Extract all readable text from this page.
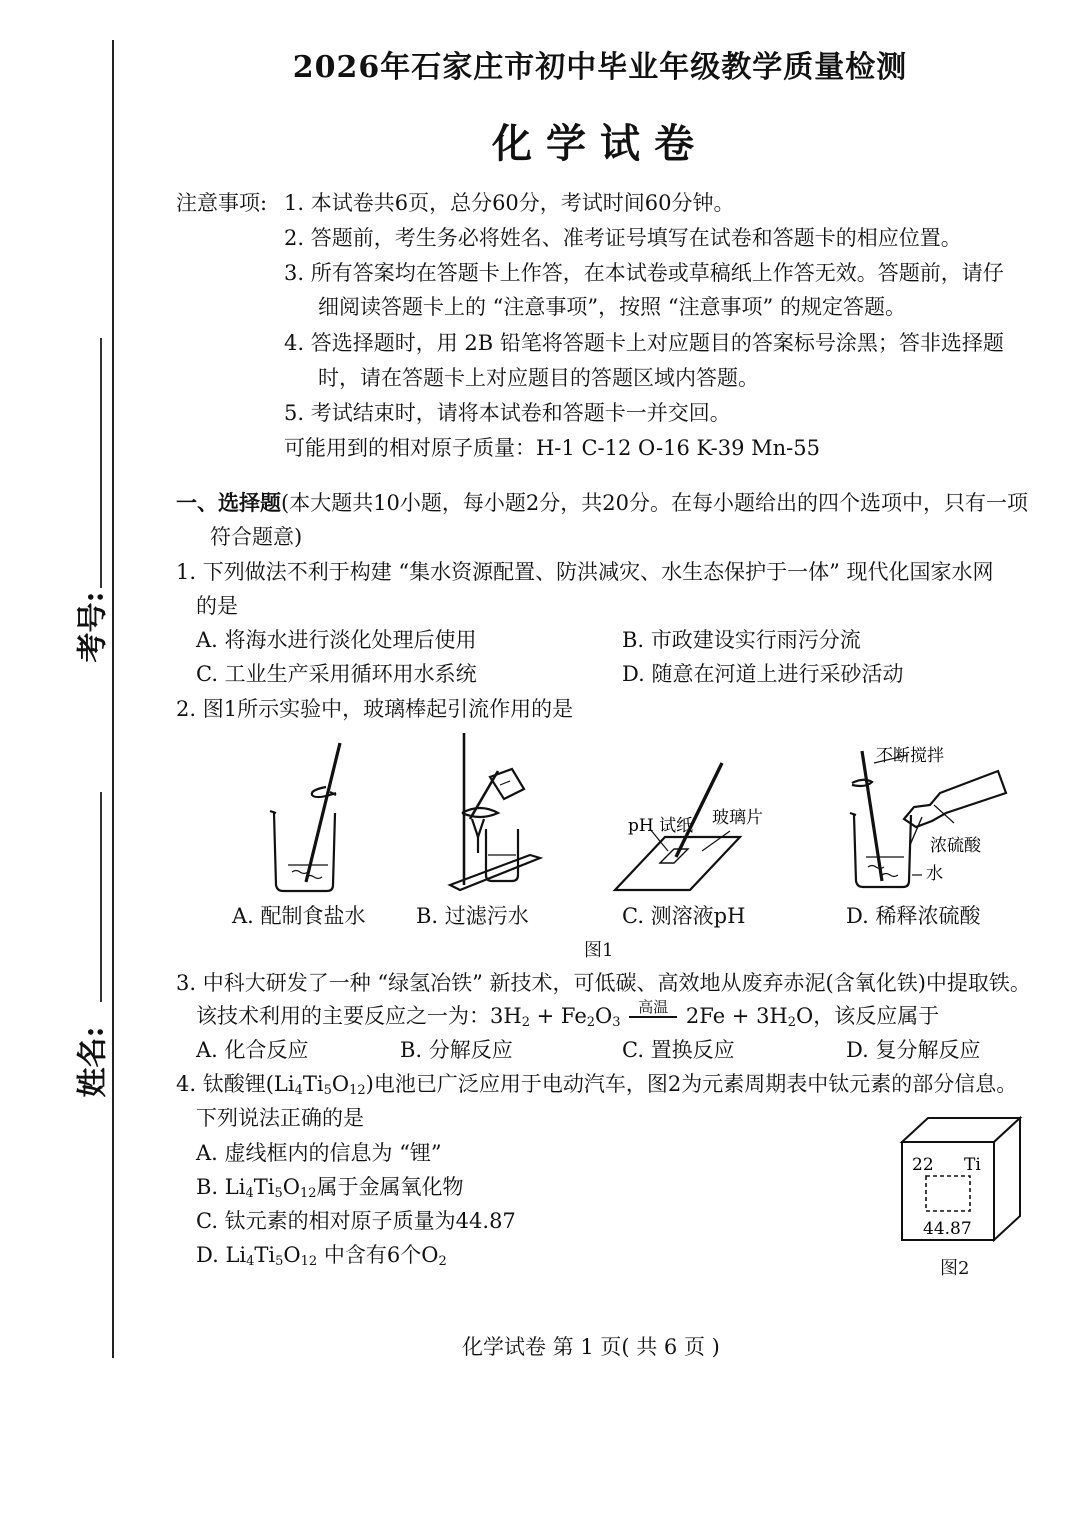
考号:
姓名:
2026年石家庄市初中毕业年级教学质量检测
化学试卷
注意事项: 1. 本试卷共6页，总分60分，考试时间60分钟。
2. 答题前，考生务必将姓名、准考证号填写在试卷和答题卡的相应位置。
3. 所有答案均在答题卡上作答，在本试卷或草稿纸上作答无效。答题前，请仔
细阅读答题卡上的 “注意事项”，按照 “注意事项” 的规定答题。
4. 答选择题时，用 2B 铅笔将答题卡上对应题目的答案标号涂黑；答非选择题
时，请在答题卡上对应题目的答题区域内答题。
5. 考试结束时，请将本试卷和答题卡一并交回。
可能用到的相对原子质量：H-1 C-12 O-16 K-39 Mn-55
一、选择题(本大题共10小题，每小题2分，共20分。在每小题给出的四个选项中，只有一项
符合题意)
1. 下列做法不利于构建 “集水资源配置、防洪减灾、水生态保护于一体” 现代化国家水网
的是
A. 将海水进行淡化处理后使用	B. 市政建设实行雨污分流
C. 工业生产采用循环用水系统	D. 随意在河道上进行采砂活动
2. 图1所示实验中，玻璃棒起引流作用的是
pH 试纸 玻璃片
不断搅拌
浓硫酸
水
A. 配制食盐水 B. 过滤污水	C. 测溶液pH	D. 稀释浓硫酸
图1
3. 中科大研发了一种 “绿氢冶铁” 新技术，可低碳、高效地从废弃赤泥(含氧化铁)中提取铁。
该技术利用的主要反应之一为：$3H_2 + Fe_2O_3$
高温 $2Fe + 3H_2O$，该反应属于
A. 化合反应	B. 分解反应	C. 置换反应	D. 复分解反应
4. 钛酸锂$(Li_4Ti_5O_{12})$电池已广泛应用于电动汽车，图2为元素周期表中钛元素的部分信息。
下列说法正确的是
A. 虚线框内的信息为 “锂”
B. $Li_4Ti_5O_{12}$属于金属氧化物
C. 钛元素的相对原子质量为44.87
D. $Li_4Ti_5O_{12}$ 中含有6个$O_2$
22 Ti
44.87
图2
化学试卷 第 1 页( 共 6 页 )
